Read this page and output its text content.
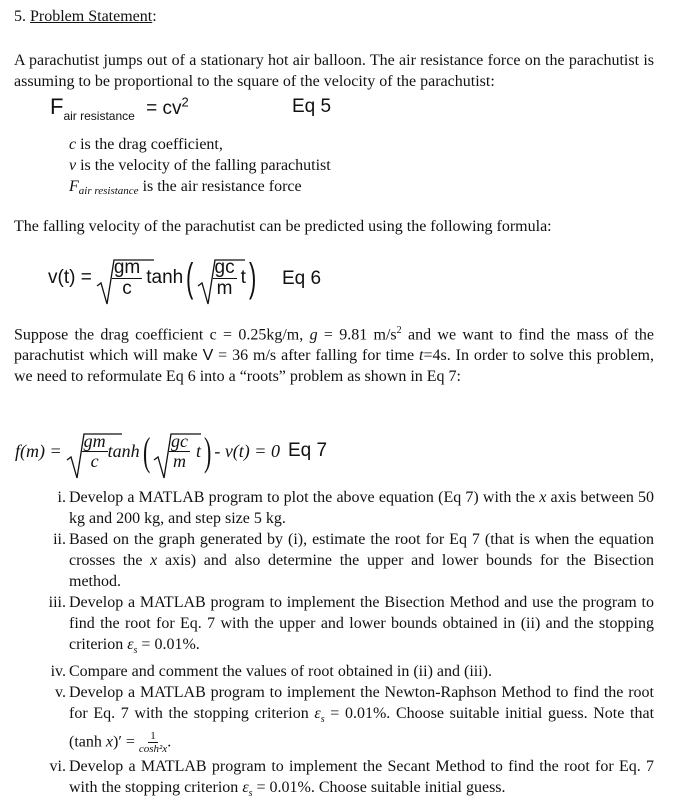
5. Problem Statement:
A parachutist jumps out of a stationary hot air balloon. The air resistance force on the parachutist is assuming to be proportional to the square of the velocity of the parachutist:
$F_{air resistance} = cv^2$	Eq 5
c is the drag coefficient,
v is the velocity of the falling parachutist
Fair resistance is the air resistance force
The falling velocity of the parachutist can be predicted using the following formula:
$v(t) = \frac{gm}{c}$ tanh ( $\frac{gc}{m}$ t ) Eq 6
Suppose the drag coefficient c = 0.25kg/m, g = 9.81 $m/s^2$ and we want to find the mass of the parachutist which will make V = 36 m/s after falling for time t=4s. In order to solve this problem, we need to reformulate Eq 6 into a “roots” problem as shown in Eq 7:
$f(m) = \frac{gm}{c}$ tanh ( $\frac{gc}{m}$ t ) - v(t) = 0 Eq 7
i. Develop a MATLAB program to plot the above equation (Eq 7) with the x axis between 50 kg and 200 kg, and step size 5 kg.
ii. Based on the graph generated by (i), estimate the root for Eq 7 (that is when the equation crosses the x axis) and also determine the upper and lower bounds for the Bisection method.
iii. Develop a MATLAB program to implement the Bisection Method and use the program to find the root for Eq. 7 with the upper and lower bounds obtained in (ii) and the stopping criterion $\varepsilon_s = 0.01\%$.
iv. Compare and comment the values of root obtained in (ii) and (iii).
v. Develop a MATLAB program to implement the Newton-Raphson Method to find the root for Eq. 7 with the stopping criterion $\varepsilon_s = 0.01\%$. Choose suitable initial guess. Note that (tanh $x)' = \frac{1}{\text{cosh²x}}$ .
vi. Develop a MATLAB program to implement the Secant Method to find the root for Eq. 7 with the stopping criterion $\varepsilon_s = 0.01\%$. Choose suitable initial guess.
